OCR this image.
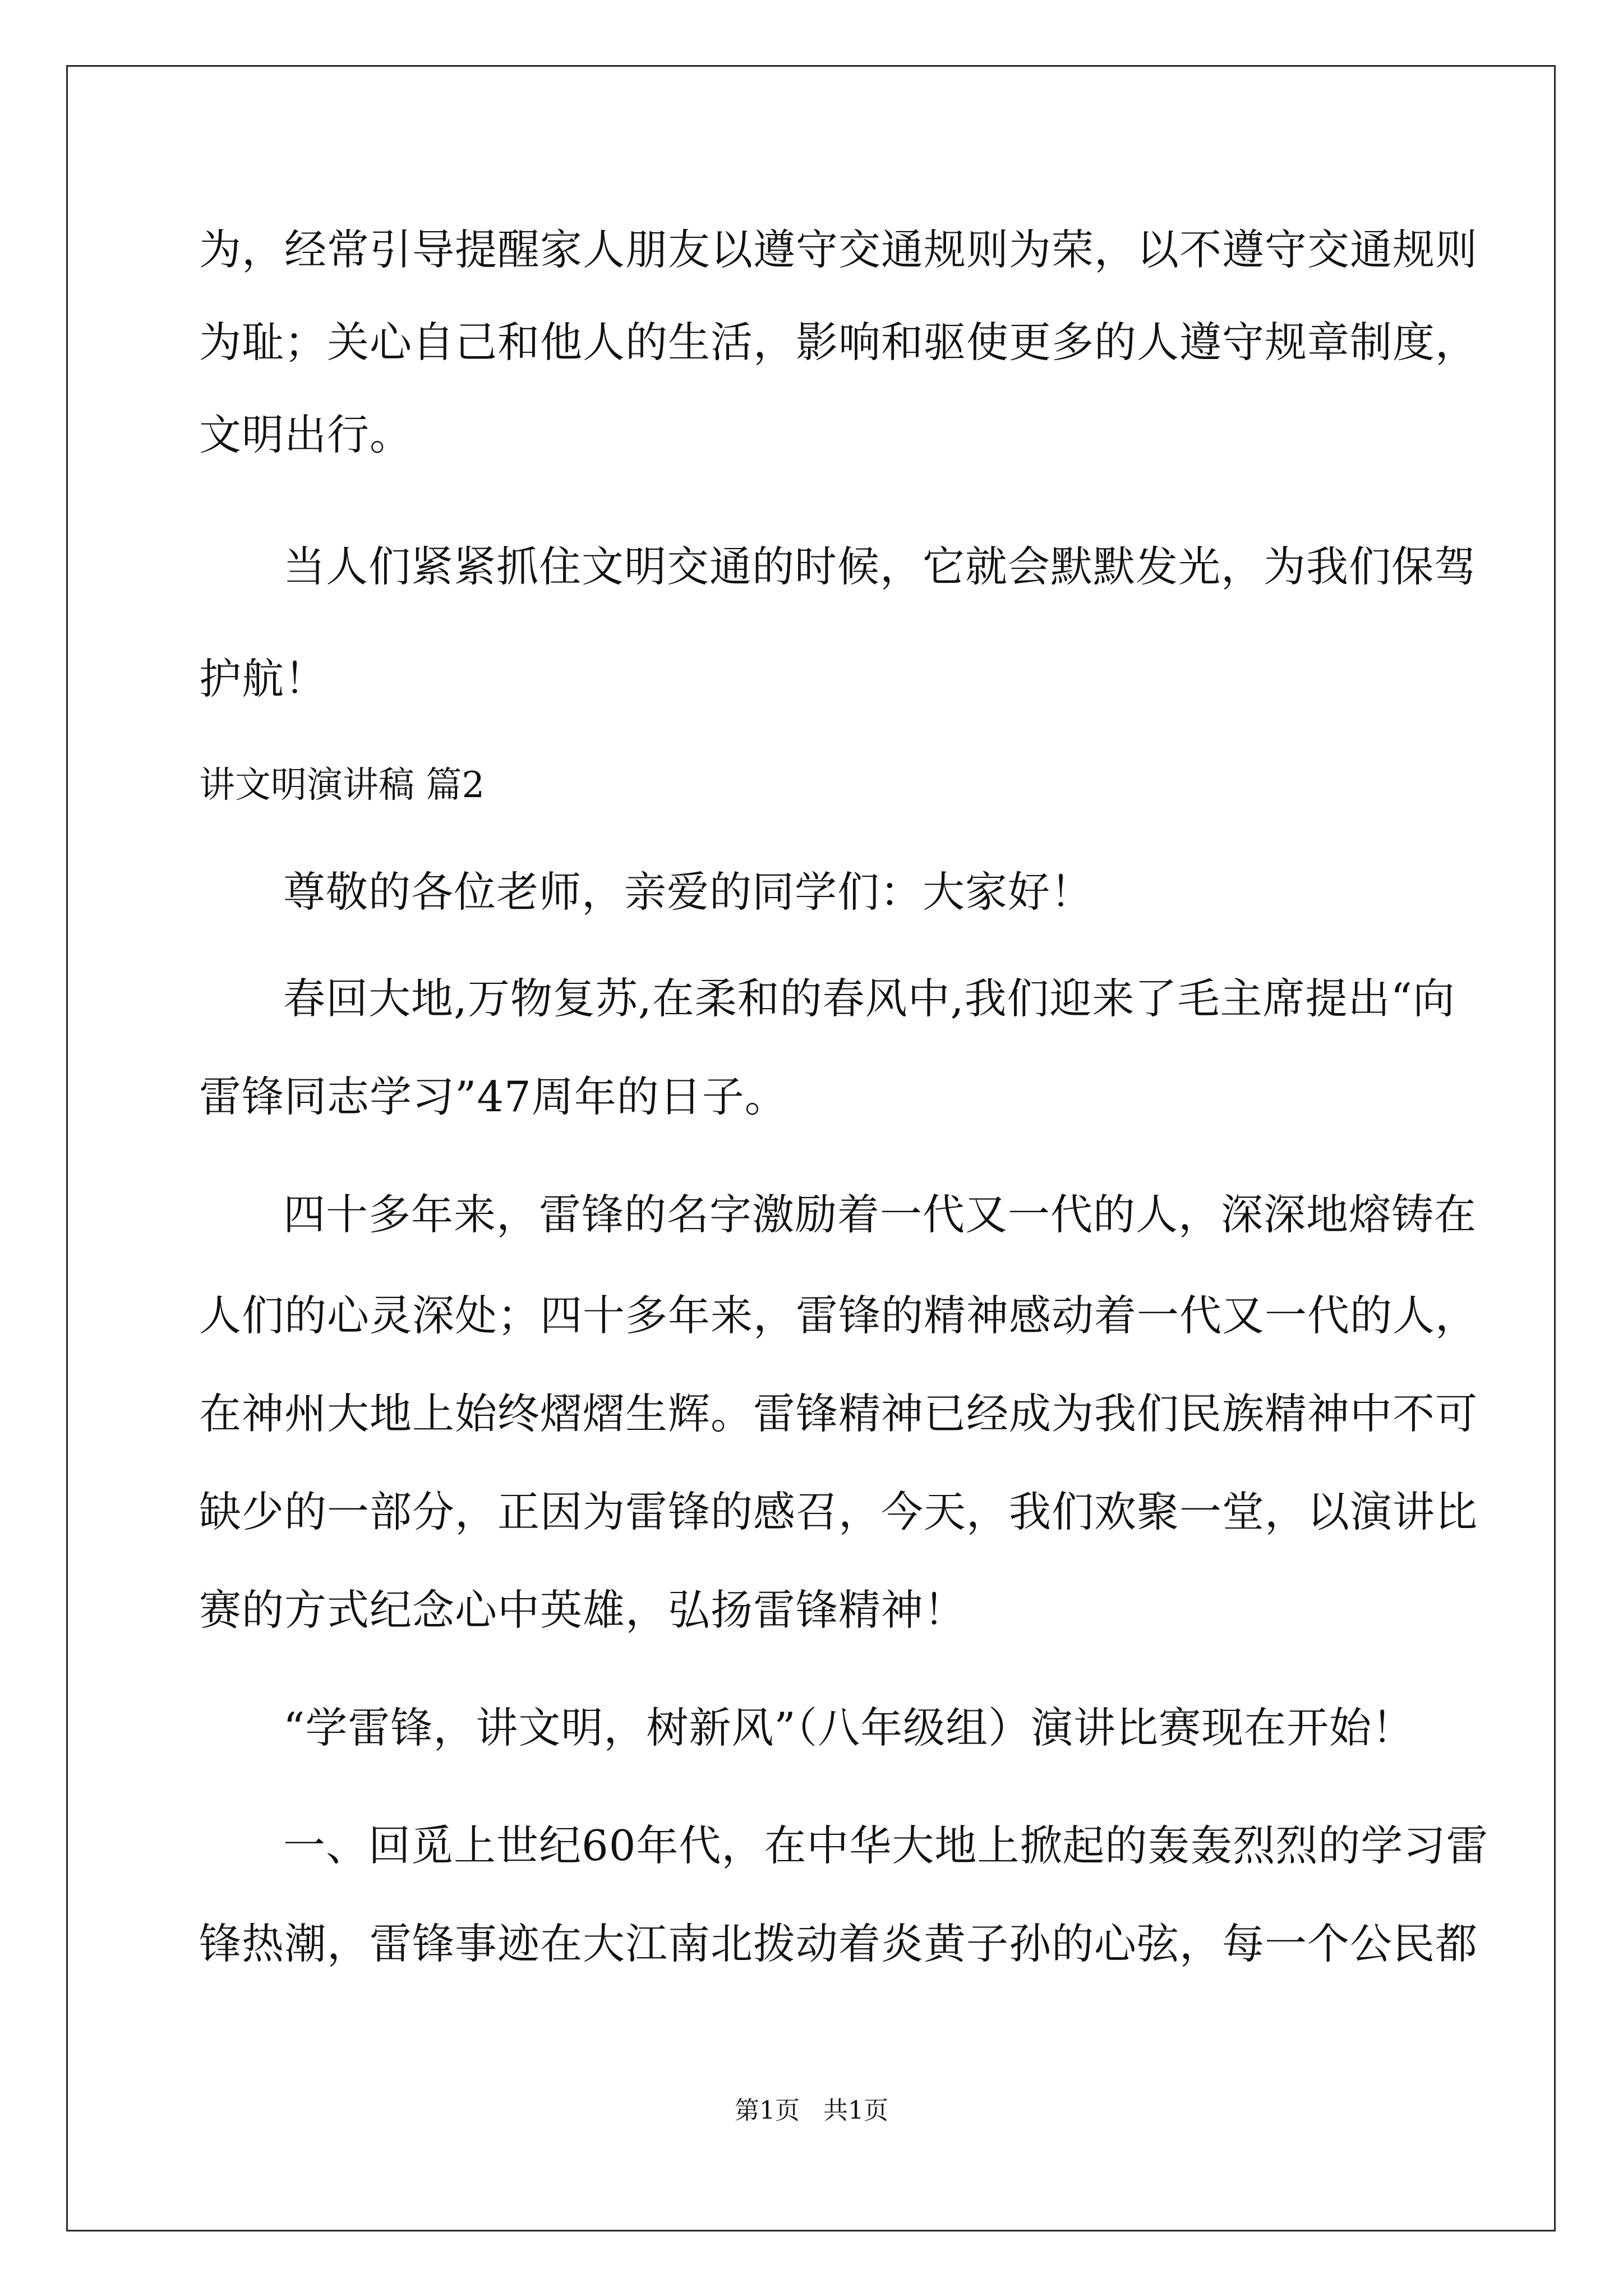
为，经常引导提醒家人朋友以遵守交通规则为荣，以不遵守交通规则
为耻；关心自己和他人的生活，影响和驱使更多的人遵守规章制度，
文明出行。
当人们紧紧抓住文明交通的时候，它就会默默发光，为我们保驾
护航！
讲文明演讲稿 篇2
尊敬的各位老师，亲爱的同学们：大家好！
春回大地,万物复苏,在柔和的春风中,我们迎来了毛主席提出“向
雷锋同志学习”47周年的日子。
四十多年来，雷锋的名字激励着一代又一代的人，深深地熔铸在
人们的心灵深处；四十多年来，雷锋的精神感动着一代又一代的人，
在神州大地上始终熠熠生辉。雷锋精神已经成为我们民族精神中不可
缺少的一部分，正因为雷锋的感召，今天，我们欢聚一堂，以演讲比
赛的方式纪念心中英雄，弘扬雷锋精神！
“学雷锋，讲文明，树新风”（八年级组）演讲比赛现在开始！
一、回觅上世纪60年代，在中华大地上掀起的轰轰烈烈的学习雷
锋热潮，雷锋事迹在大江南北拨动着炎黄子孙的心弦，每一个公民都
第1页   共1页
